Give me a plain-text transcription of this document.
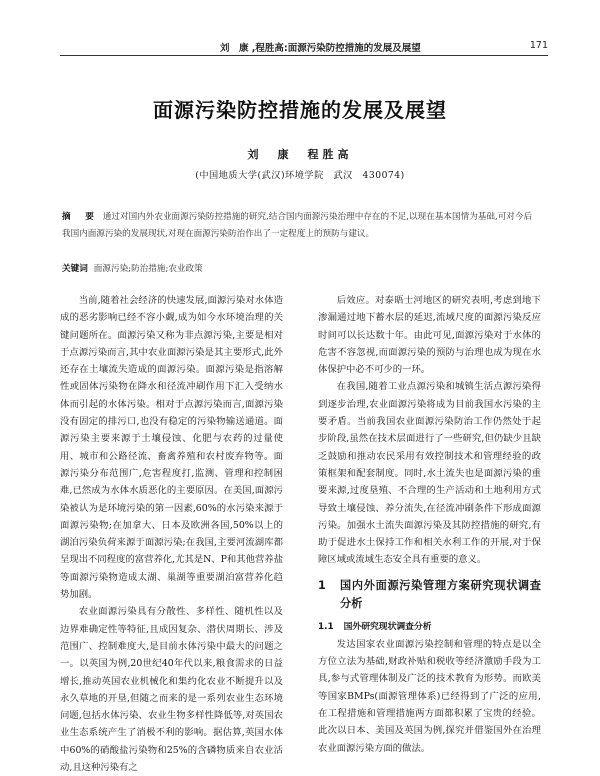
刘　康 ,程胜高:面源污染防控措施的发展及展望	171
面源污染防控措施的发展及展望
刘　康　程胜高
(中国地质大学(武汉)环境学院　武汉　430074)
摘　要 通过对国内外农业面源污染防控措施的研究,结合国内面源污染治理中存在的不足,以现在基本国情为基础,可对今后我国内面源污染的发展现状,对现在面源污染防治作出了一定程度上的预防与建议。
关键词 面源污染;防治措施;农业政策

当前,随着社会经济的快速发展,面源污染对水体造成的恶劣影响已经不容小觑,成为如今水环境治理的关键问题所在。面源污染又称为非点源污染,主要是相对于点源污染而言,其中农业面源污染是其主要形式,此外还存在土壤流失造成的面源污染。面源污染是指溶解性或固体污染物在降水和径流冲刷作用下汇入受纳水体而引起的水体污染。相对于点源污染而言,面源污染没有固定的排污口,也没有稳定的污染物输送通道。面源污染主要来源于土壤侵蚀、化肥与农药的过量使用、城市和公路径流、畜禽养殖和农村废弃物等。面源污染分布范围广,危害程度打,监测、管理和控制困难,已然成为水体水质恶化的主要原因。在美国,面源污染被认为是环境污染的第一因素,60%的水污染来源于面源污染物;在加拿大、日本及欧洲各国,50%以上的湖泊污染负荷来源于面源污染;在我国,主要河流湖库都呈现出不同程度的富营养化,尤其是N、P和其他营养盐等面源污染物造成太湖、巢湖等重要湖泊富营养化趋势加剧。

农业面源污染具有分散性、多样性、随机性以及边界难确定性等特征,且成因复杂、潜伏周期长、涉及范围广、控制难度大,是目前水体污染中最大的问题之一。以英国为例,20世纪40年代以来,粮食需求的日益增长,推动英国农业机械化和集约化农业不断提升以及永久草地的开垦,但随之而来的是一系列农业生态环境问题,包括水体污染、农业生物多样性降低等,对英国农业生态系统产生了消极不利的影响。据估算,英国水体中60%的硝酸盐污染物和25%的含磷物质来自农业活动,且这种污染有之

后效应。对泰晤士河地区的研究表明,考虑到地下渗漏通过地下蓄水层的延迟,流域尺度的面源污染反应时间可以长达数十年。由此可见,面源污染对于水体的危害不容忽视,而面源污染的预防与治理也成为现在水体保护中必不可少的一环。

在我国,随着工业点源污染和城镇生活点源污染得到逐步治理,农业面源污染将成为目前我国水污染的主要矛盾。当前我国农业面源污染防治工作仍然处于起步阶段,虽然在技术层面进行了一些研究,但仍缺少且缺乏鼓励和推动农民采用有效控制技术和管理经验的政策框架和配套制度。同时,水土流失也是面源污染的重要来源,过度垦殖、不合理的生产活动和土地利用方式导致土壤侵蚀、养分流失,在径流冲刷条件下形成面源污染。加强水土流失面源污染及其防控措施的研究,有助于促进水土保持工作和相关水利工作的开展,对于保障区域或流域生态安全具有重要的意义。

1	国内外面源污染管理方案研究现状调查分析
1.1 国外研究现状调查分析

发达国家农业面源污染控制和管理的特点是以全方位立法为基础,财政补贴和税收等经济激励手段为工具,参与式管理体制及广泛的技术教育为形势。而欧美等国家BMPs(面源管理体系)已经得到了广泛的应用,在工程措施和管理措施两方面都积累了宝贵的经验。此次以日本、美国及英国为例,探究并借鉴国外在治理农业面源污染方面的做法。
